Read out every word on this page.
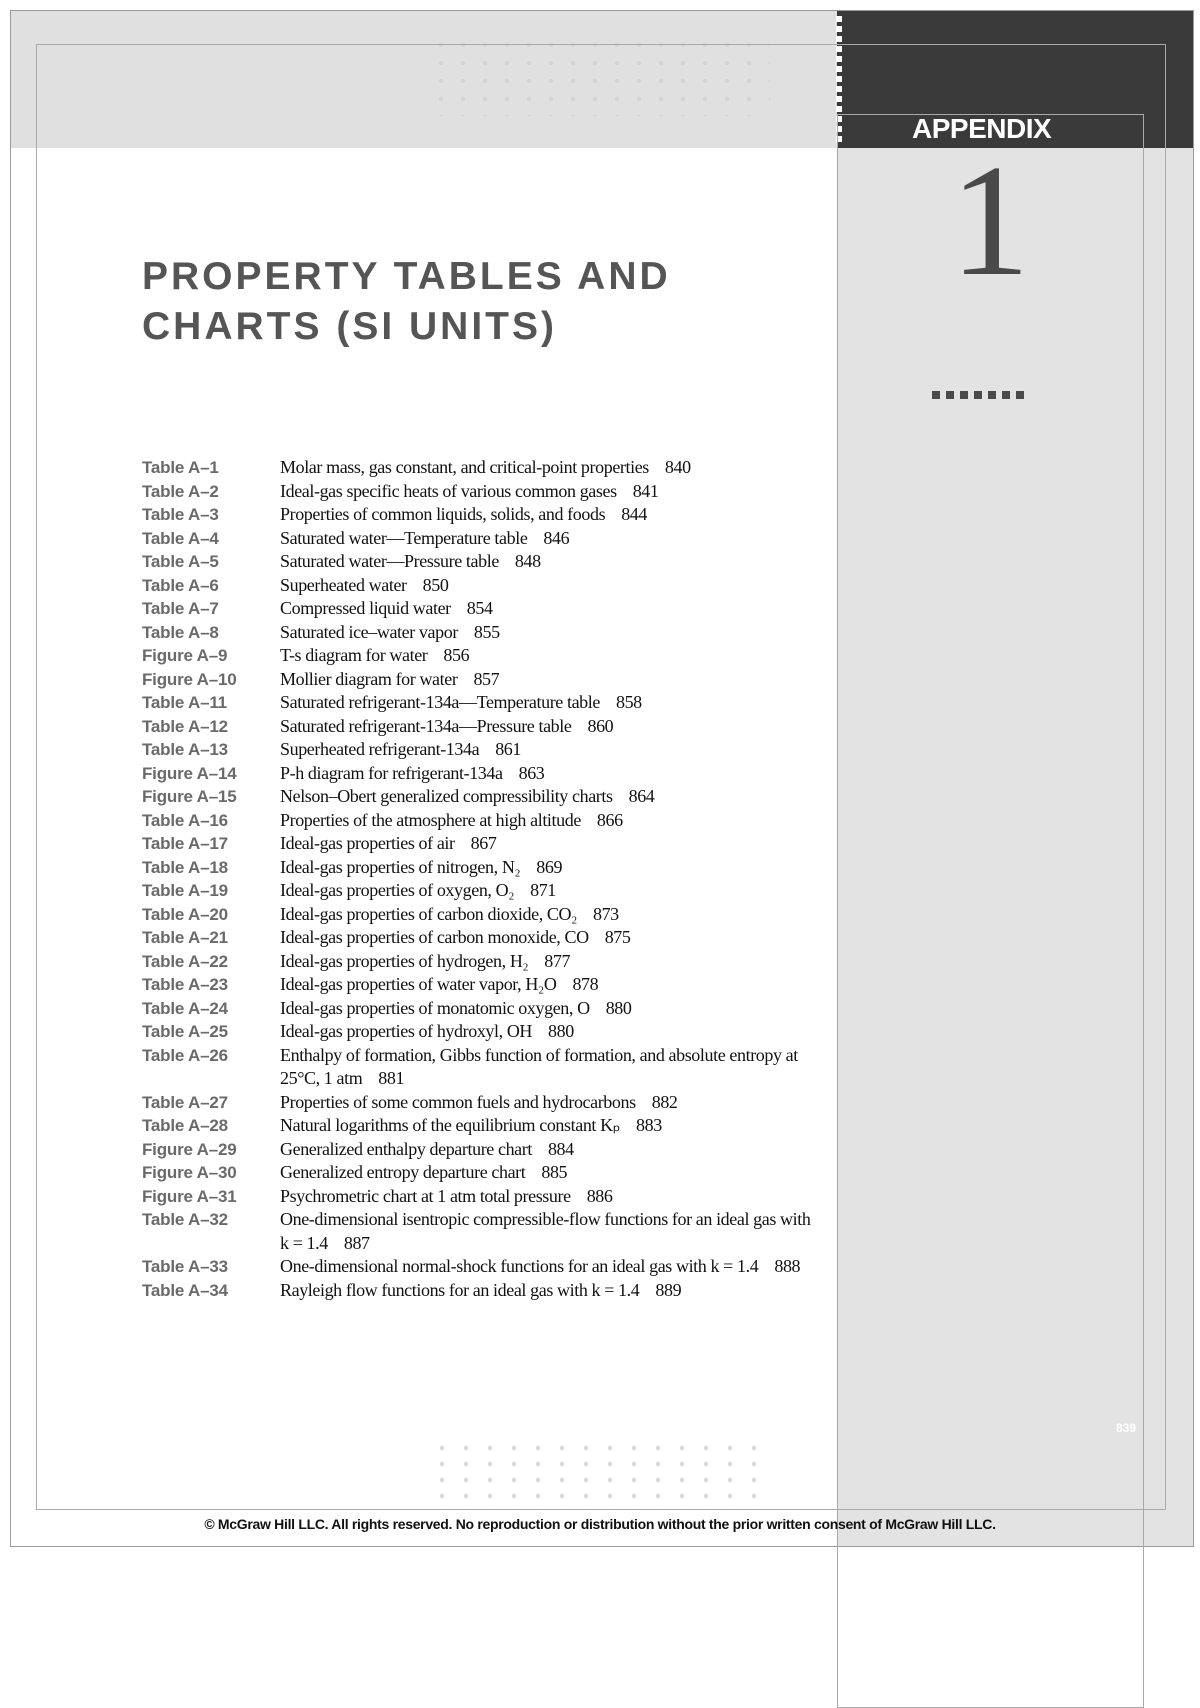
APPENDIX
1
PROPERTY TABLES AND
CHARTS (SI UNITS)
Table A–1	Molar mass, gas constant, and critical-point properties 840
Table A–2	Ideal-gas specific heats of various common gases 841
Table A–3	Properties of common liquids, solids, and foods 844
Table A–4	Saturated water—Temperature table 846
Table A–5	Saturated water—Pressure table 848
Table A–6	Superheated water 850
Table A–7	Compressed liquid water 854
Table A–8	Saturated ice–water vapor 855
Figure A–9	T-s diagram for water 856
Figure A–10	Mollier diagram for water 857
Table A–11	Saturated refrigerant-134a—Temperature table 858
Table A–12	Saturated refrigerant-134a—Pressure table 860
Table A–13	Superheated refrigerant-134a 861
Figure A–14	P-h diagram for refrigerant-134a 863
Figure A–15	Nelson–Obert generalized compressibility charts 864
Table A–16	Properties of the atmosphere at high altitude 866
Table A–17	Ideal-gas properties of air 867
Table A–18	Ideal-gas properties of nitrogen, N₂ 869
Table A–19	Ideal-gas properties of oxygen, O₂ 871
Table A–20	Ideal-gas properties of carbon dioxide, CO₂ 873
Table A–21	Ideal-gas properties of carbon monoxide, CO 875
Table A–22	Ideal-gas properties of hydrogen, H₂ 877
Table A–23	Ideal-gas properties of water vapor, H₂O 878
Table A–24	Ideal-gas properties of monatomic oxygen, O 880
Table A–25	Ideal-gas properties of hydroxyl, OH 880
Table A–26	Enthalpy of formation, Gibbs function of formation, and absolute entropy at 25°C, 1 atm 881
Table A–27	Properties of some common fuels and hydrocarbons 882
Table A–28	Natural logarithms of the equilibrium constant Kₚ 883
Figure A–29	Generalized enthalpy departure chart 884
Figure A–30	Generalized entropy departure chart 885
Figure A–31	Psychrometric chart at 1 atm total pressure 886
Table A–32	One-dimensional isentropic compressible-flow functions for an ideal gas with k = 1.4 887
Table A–33	One-dimensional normal-shock functions for an ideal gas with k = 1.4 888
Table A–34	Rayleigh flow functions for an ideal gas with k = 1.4 889
839
© McGraw Hill LLC. All rights reserved. No reproduction or distribution without the prior written consent of McGraw Hill LLC.
